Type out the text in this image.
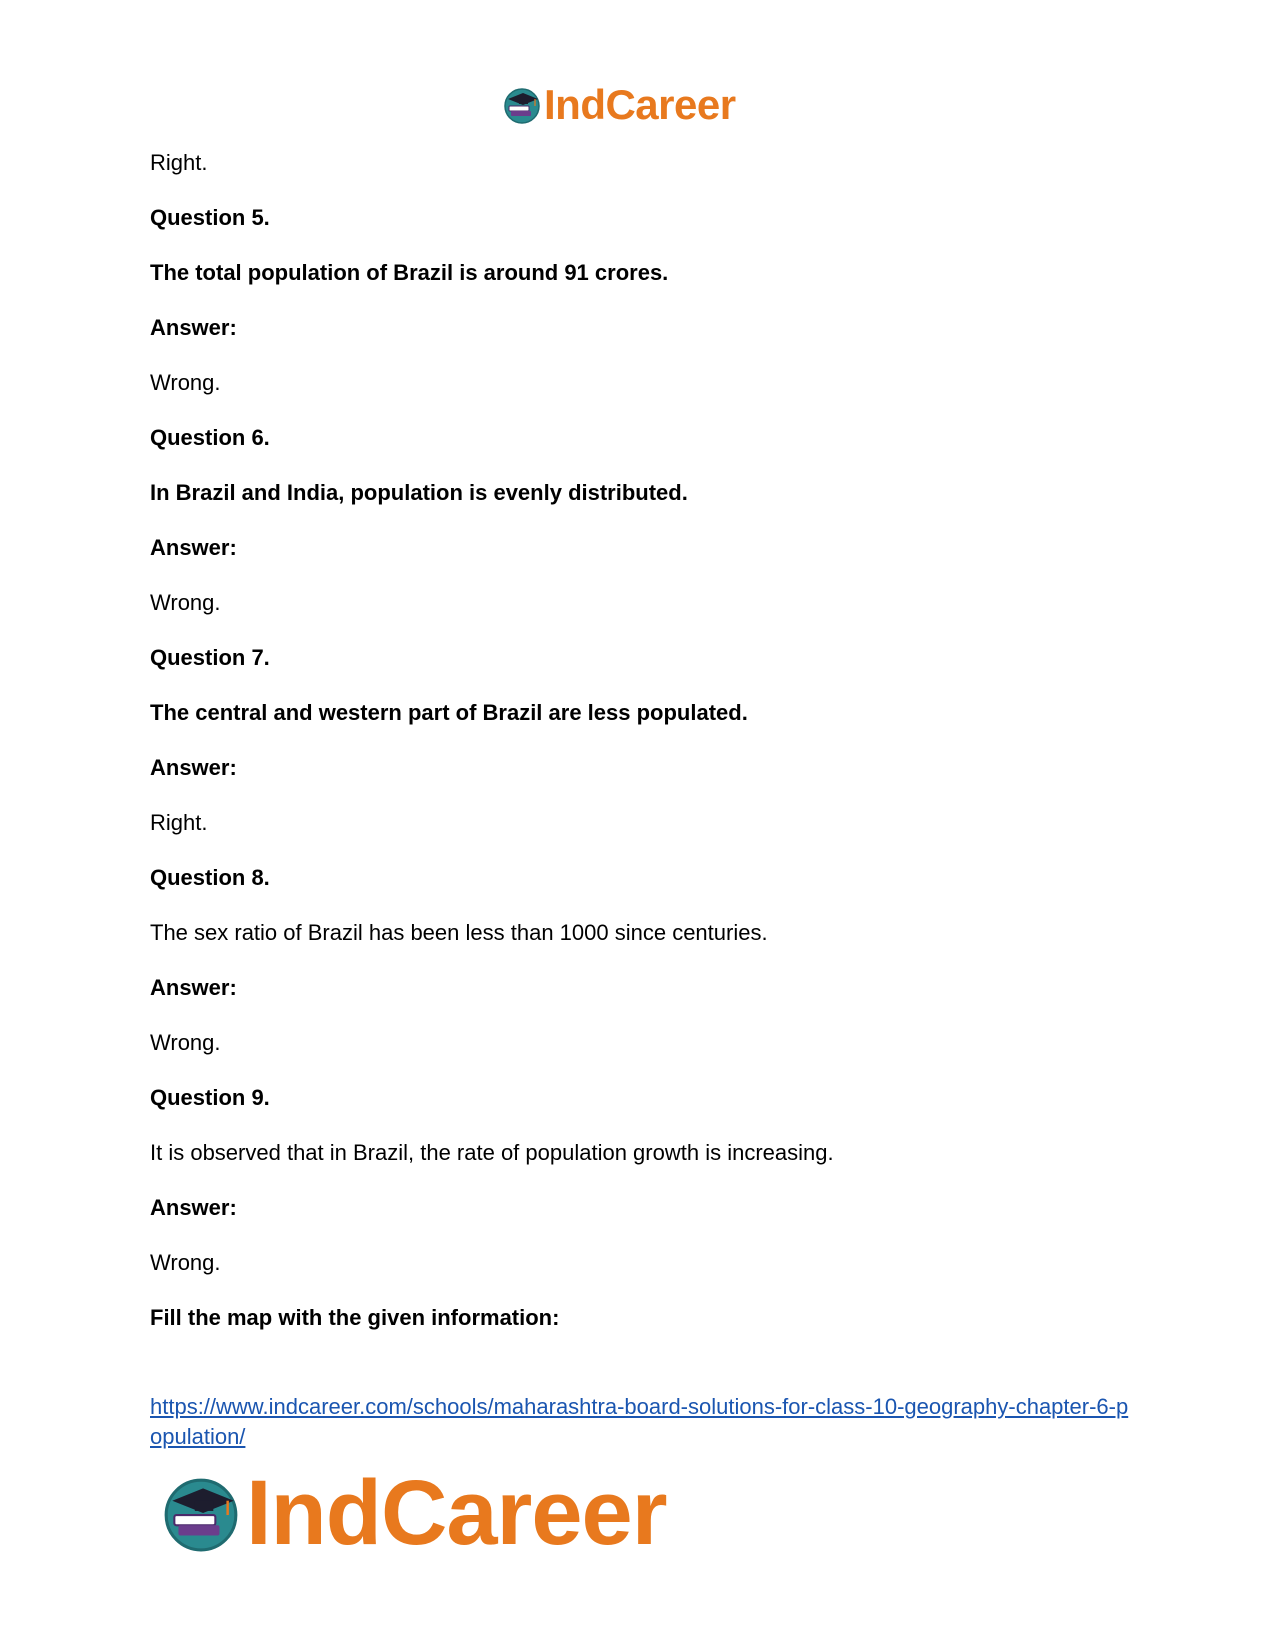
IndCareer
Right.
Question 5.
The total population of Brazil is around 91 crores.
Answer:
Wrong.
Question 6.
In Brazil and India, population is evenly distributed.
Answer:
Wrong.
Question 7.
The central and western part of Brazil are less populated.
Answer:
Right.
Question 8.
The sex ratio of Brazil has been less than 1000 since centuries.
Answer:
Wrong.
Question 9.
It is observed that in Brazil, the rate of population growth is increasing.
Answer:
Wrong.
Fill the map with the given information:
https://www.indcareer.com/schools/maharashtra-board-solutions-for-class-10-geography-chapter-6-population/
IndCareer
